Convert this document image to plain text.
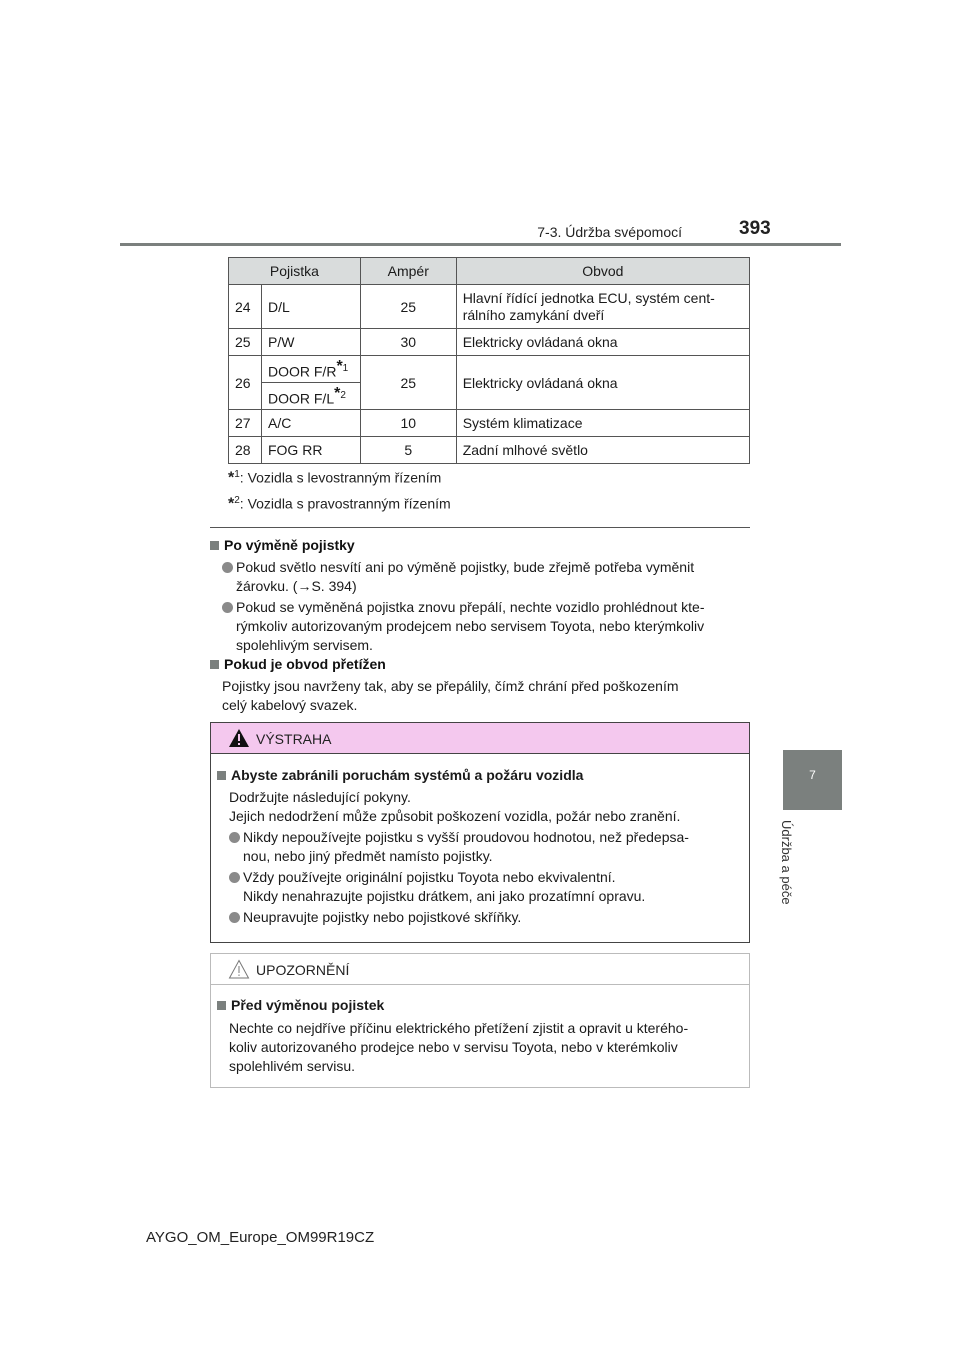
7-3. Údržba svépomocí	393
7
Údržba a péče
Pojistka		Ampér	Obvod
24	D/L	25	Hlavní řídící jednotka ECU, systém cent-
rálního zamykání dveří
25	P/W	30	Elektricky ovládaná okna
26	DOOR $F/R^{*1}$	25	Elektricky ovládaná okna
	DOOR $F/L^{*2}$
27	A/C	10	Systém klimatizace
28	FOG RR	5	Zadní mlhové světlo
*$^1$: Vozidla s levostranným řízením
*$^2$: Vozidla s pravostranným řízením
Po výměně pojistky
Pokud světlo nesvítí ani po výměně pojistky, bude zřejmě potřeba vyměnit
žárovku. (→S. 394)
Pokud se vyměněná pojistka znovu přepálí, nechte vozidlo prohlédnout kte-
rýmkoliv autorizovaným prodejcem nebo servisem Toyota, nebo kterýmkoliv
spolehlivým servisem.
Pokud je obvod přetížen
Pojistky jsou navrženy tak, aby se přepálily, čímž chrání před poškozením
celý kabelový svazek.
VÝSTRAHA
Abyste zabránili poruchám systémů a požáru vozidla
Dodržujte následující pokyny.
Jejich nedodržení může způsobit poškození vozidla, požár nebo zranění.
Nikdy nepoužívejte pojistku s vyšší proudovou hodnotou, než předepsa-
nou, nebo jiný předmět namísto pojistky.
Vždy používejte originální pojistku Toyota nebo ekvivalentní.
Nikdy nenahrazujte pojistku drátkem, ani jako prozatímní opravu.
Neupravujte pojistky nebo pojistkové skříňky.
UPOZORNĚNÍ
Před výměnou pojistek
Nechte co nejdříve příčinu elektrického přetížení zjistit a opravit u kterého-
koliv autorizovaného prodejce nebo v servisu Toyota, nebo v kterémkoliv
spolehlivém servisu.
AYGO_OM_Europe_OM99R19CZ
